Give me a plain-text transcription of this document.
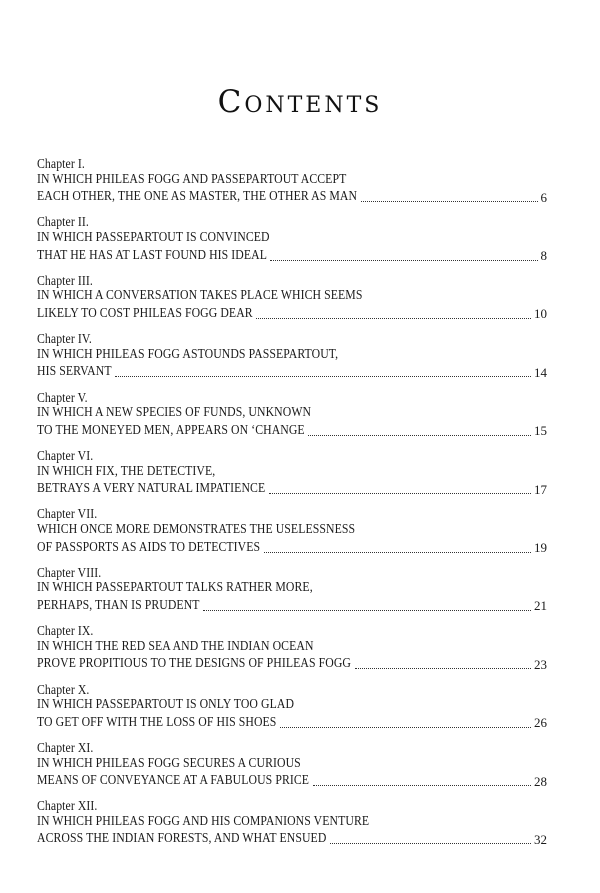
Contents
Chapter I.
IN WHICH PHILEAS FOGG AND PASSEPARTOUT ACCEPT
EACH OTHER, THE ONE AS MASTER, THE OTHER AS MAN	6
Chapter II.
IN WHICH PASSEPARTOUT IS CONVINCED
THAT HE HAS AT LAST FOUND HIS IDEAL	8
Chapter III.
IN WHICH A CONVERSATION TAKES PLACE WHICH SEEMS
LIKELY TO COST PHILEAS FOGG DEAR	10
Chapter IV.
IN WHICH PHILEAS FOGG ASTOUNDS PASSEPARTOUT,
HIS SERVANT	14
Chapter V.
IN WHICH A NEW SPECIES OF FUNDS, UNKNOWN
TO THE MONEYED MEN, APPEARS ON ‘CHANGE	15
Chapter VI.
IN WHICH FIX, THE DETECTIVE,
BETRAYS A VERY NATURAL IMPATIENCE	17
Chapter VII.
WHICH ONCE MORE DEMONSTRATES THE USELESSNESS
OF PASSPORTS AS AIDS TO DETECTIVES	19
Chapter VIII.
IN WHICH PASSEPARTOUT TALKS RATHER MORE,
PERHAPS, THAN IS PRUDENT	21
Chapter IX.
IN WHICH THE RED SEA AND THE INDIAN OCEAN
PROVE PROPITIOUS TO THE DESIGNS OF PHILEAS FOGG	23
Chapter X.
IN WHICH PASSEPARTOUT IS ONLY TOO GLAD
TO GET OFF WITH THE LOSS OF HIS SHOES	26
Chapter XI.
IN WHICH PHILEAS FOGG SECURES A CURIOUS
MEANS OF CONVEYANCE AT A FABULOUS PRICE	28
Chapter XII.
IN WHICH PHILEAS FOGG AND HIS COMPANIONS VENTURE
ACROSS THE INDIAN FORESTS, AND WHAT ENSUED	32
